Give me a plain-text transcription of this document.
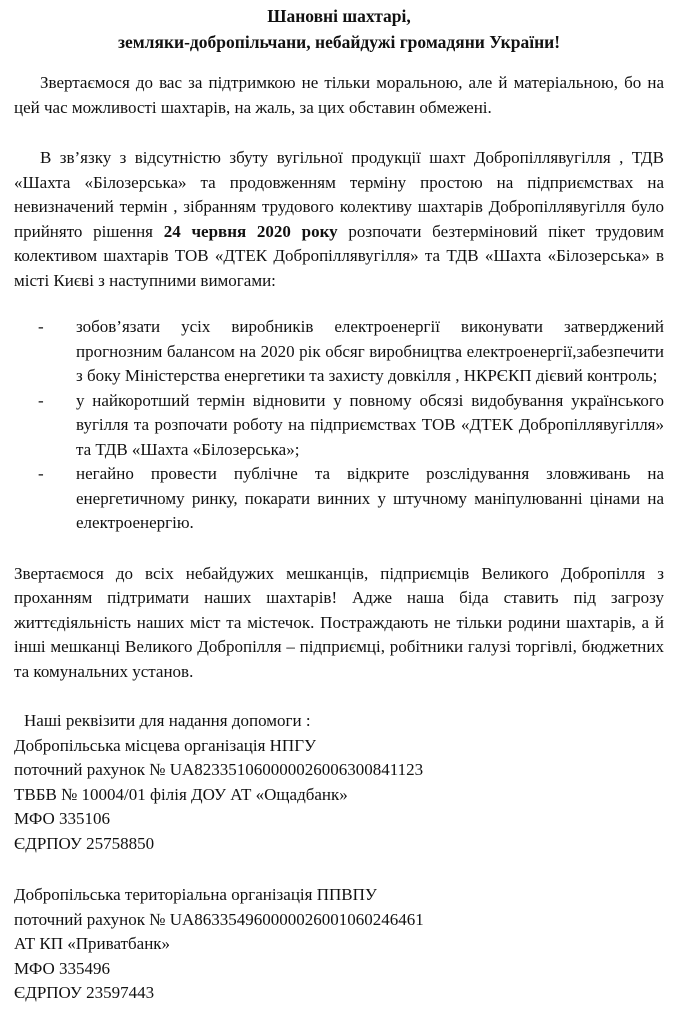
Шановні шахтарі,
земляки-добропільчани, небайдужі громадяни України!

Звертаємося до вас за підтримкою не тільки моральною, але й матеріальною, бо на цей час можливості шахтарів, на жаль, за цих обставин обмежені.

В зв’язку з відсутністю збуту вугільної продукції шахт Добропіллявугілля , ТДВ «Шахта «Білозерська» та продовженням терміну простою на підприємствах на невизначений термін , зібранням трудового колективу шахтарів Добропіллявугілля було прийнято рішення 24 червня 2020 року розпочати безтерміновий пікет трудовим колективом шахтарів ТОВ «ДТЕК Добропіллявугілля» та ТДВ «Шахта «Білозерська» в місті Києві з наступними вимогами:

- зобов’язати усіх виробників електроенергії виконувати затверджений прогнозним балансом на 2020 рік обсяг виробництва електроенергії,забезпечити з боку Міністерства енергетики та захисту довкілля , НКРЄКП дієвий контроль;
- у найкоротший термін відновити у повному обсязі видобування українського вугілля та розпочати роботу на підприємствах ТОВ «ДТЕК Добропіллявугілля» та ТДВ «Шахта «Білозерська»;
- негайно провести публічне та відкрите розслідування зловживань на енергетичному ринку, покарати винних у штучному маніпулюванні цінами на електроенергію.

Звертаємося до всіх небайдужих мешканців, підприємців Великого Добропілля з проханням підтримати наших шахтарів! Адже наша біда ставить під загрозу життєдіяльність наших міст та містечок. Постраждають не тільки родини шахтарів, а й інші мешканці Великого Добропілля – підприємці, робітники галузі торгівлі, бюджетних та комунальних установ.

Наші реквізити для надання допомоги :

Добропільська місцева організація НПГУ
поточний рахунок № UA823351060000026006300841123
ТВБВ № 10004/01 філія ДОУ АТ «Ощадбанк»
МФО 335106
ЄДРПОУ 25758850
Добропільська територіальна організація ППВПУ
поточний рахунок № UA863354960000026001060246461
АТ КП «Приватбанк»
МФО 335496
ЄДРПОУ 23597443
